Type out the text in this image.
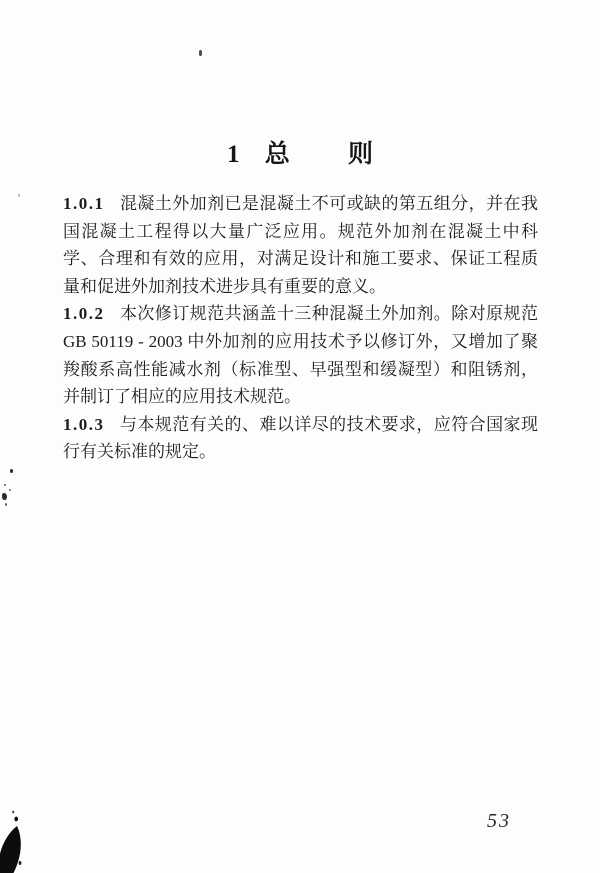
1 总 则

1.0.1 混凝土外加剂已是混凝土不可或缺的第五组分，并在我国混凝土工程得以大量广泛应用。规范外加剂在混凝土中科学、合理和有效的应用，对满足设计和施工要求、保证工程质量和促进外加剂技术进步具有重要的意义。

1.0.2 本次修订规范共涵盖十三种混凝土外加剂。除对原规范 GB 50119 - 2003 中外加剂的应用技术予以修订外，又增加了聚羧酸系高性能减水剂（标准型、早强型和缓凝型）和阻锈剂，并制订了相应的应用技术规范。

1.0.3 与本规范有关的、难以详尽的技术要求，应符合国家现行有关标准的规定。

53
